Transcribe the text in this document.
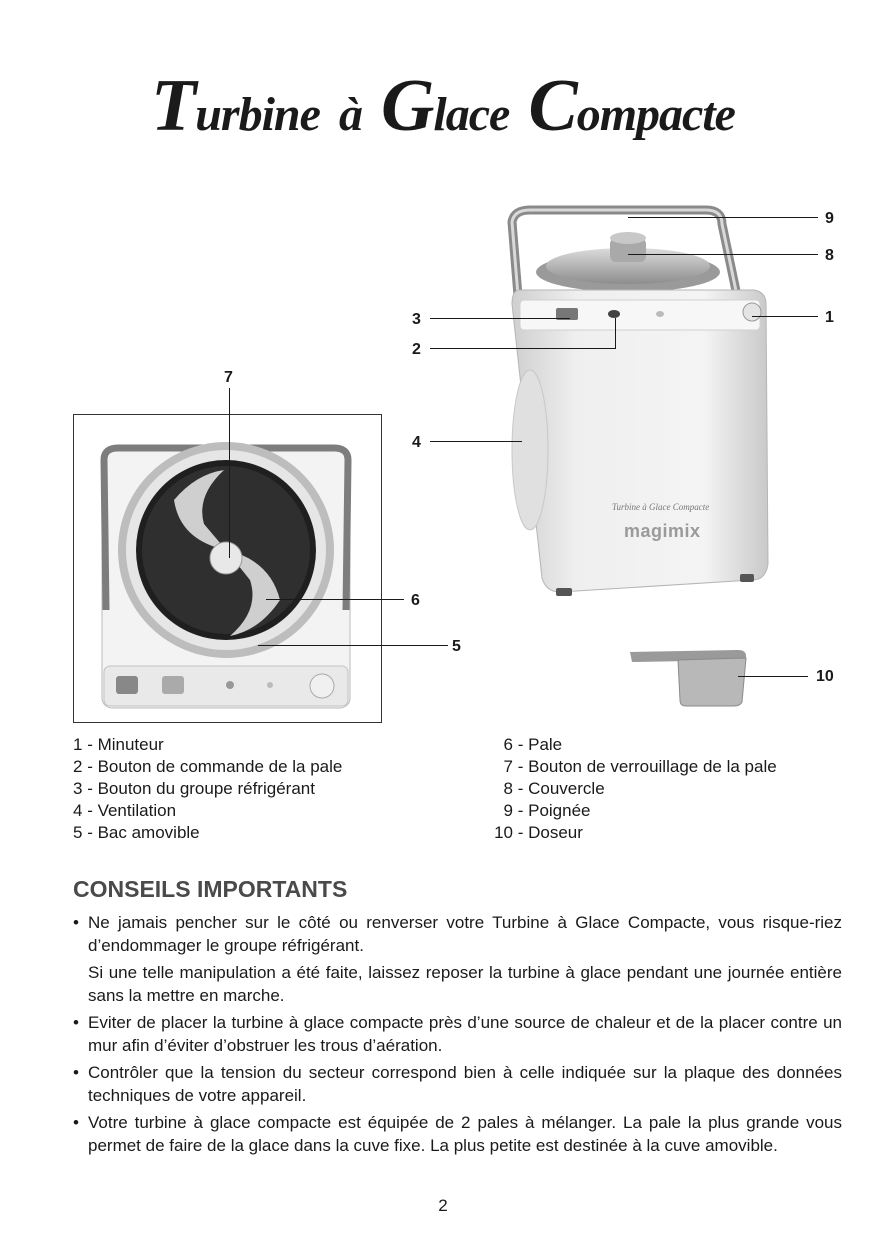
Turbine à Glace Compacte
Turbine à Glace Compacte
magimix
9
8
1
3
2
4
7
6
5
10
1 - Minuteur
2 - Bouton de commande de la pale
3 - Bouton du groupe réfrigérant
4 - Ventilation
5 - Bac amovible
6 - Pale
7 - Bouton de verrouillage de la pale
8 - Couvercle
9 - Poignée
10 - Doseur
CONSEILS IMPORTANTS
• Ne jamais pencher sur le côté ou renverser votre Turbine à Glace Compacte, vous risque-riez d’endommager le groupe réfrigérant.
Si une telle manipulation a été faite, laissez reposer la turbine à glace pendant une journée entière sans la mettre en marche.
• Eviter de placer la turbine à glace compacte près d’une source de chaleur et de la placer contre un mur afin d’éviter d’obstruer les trous d’aération.
• Contrôler que la tension du secteur correspond bien à celle indiquée sur la plaque des données techniques de votre appareil.
• Votre turbine à glace compacte est équipée de 2 pales à mélanger. La pale la plus grande vous permet de faire de la glace dans la cuve fixe. La plus petite est destinée à la cuve amovible.
2
